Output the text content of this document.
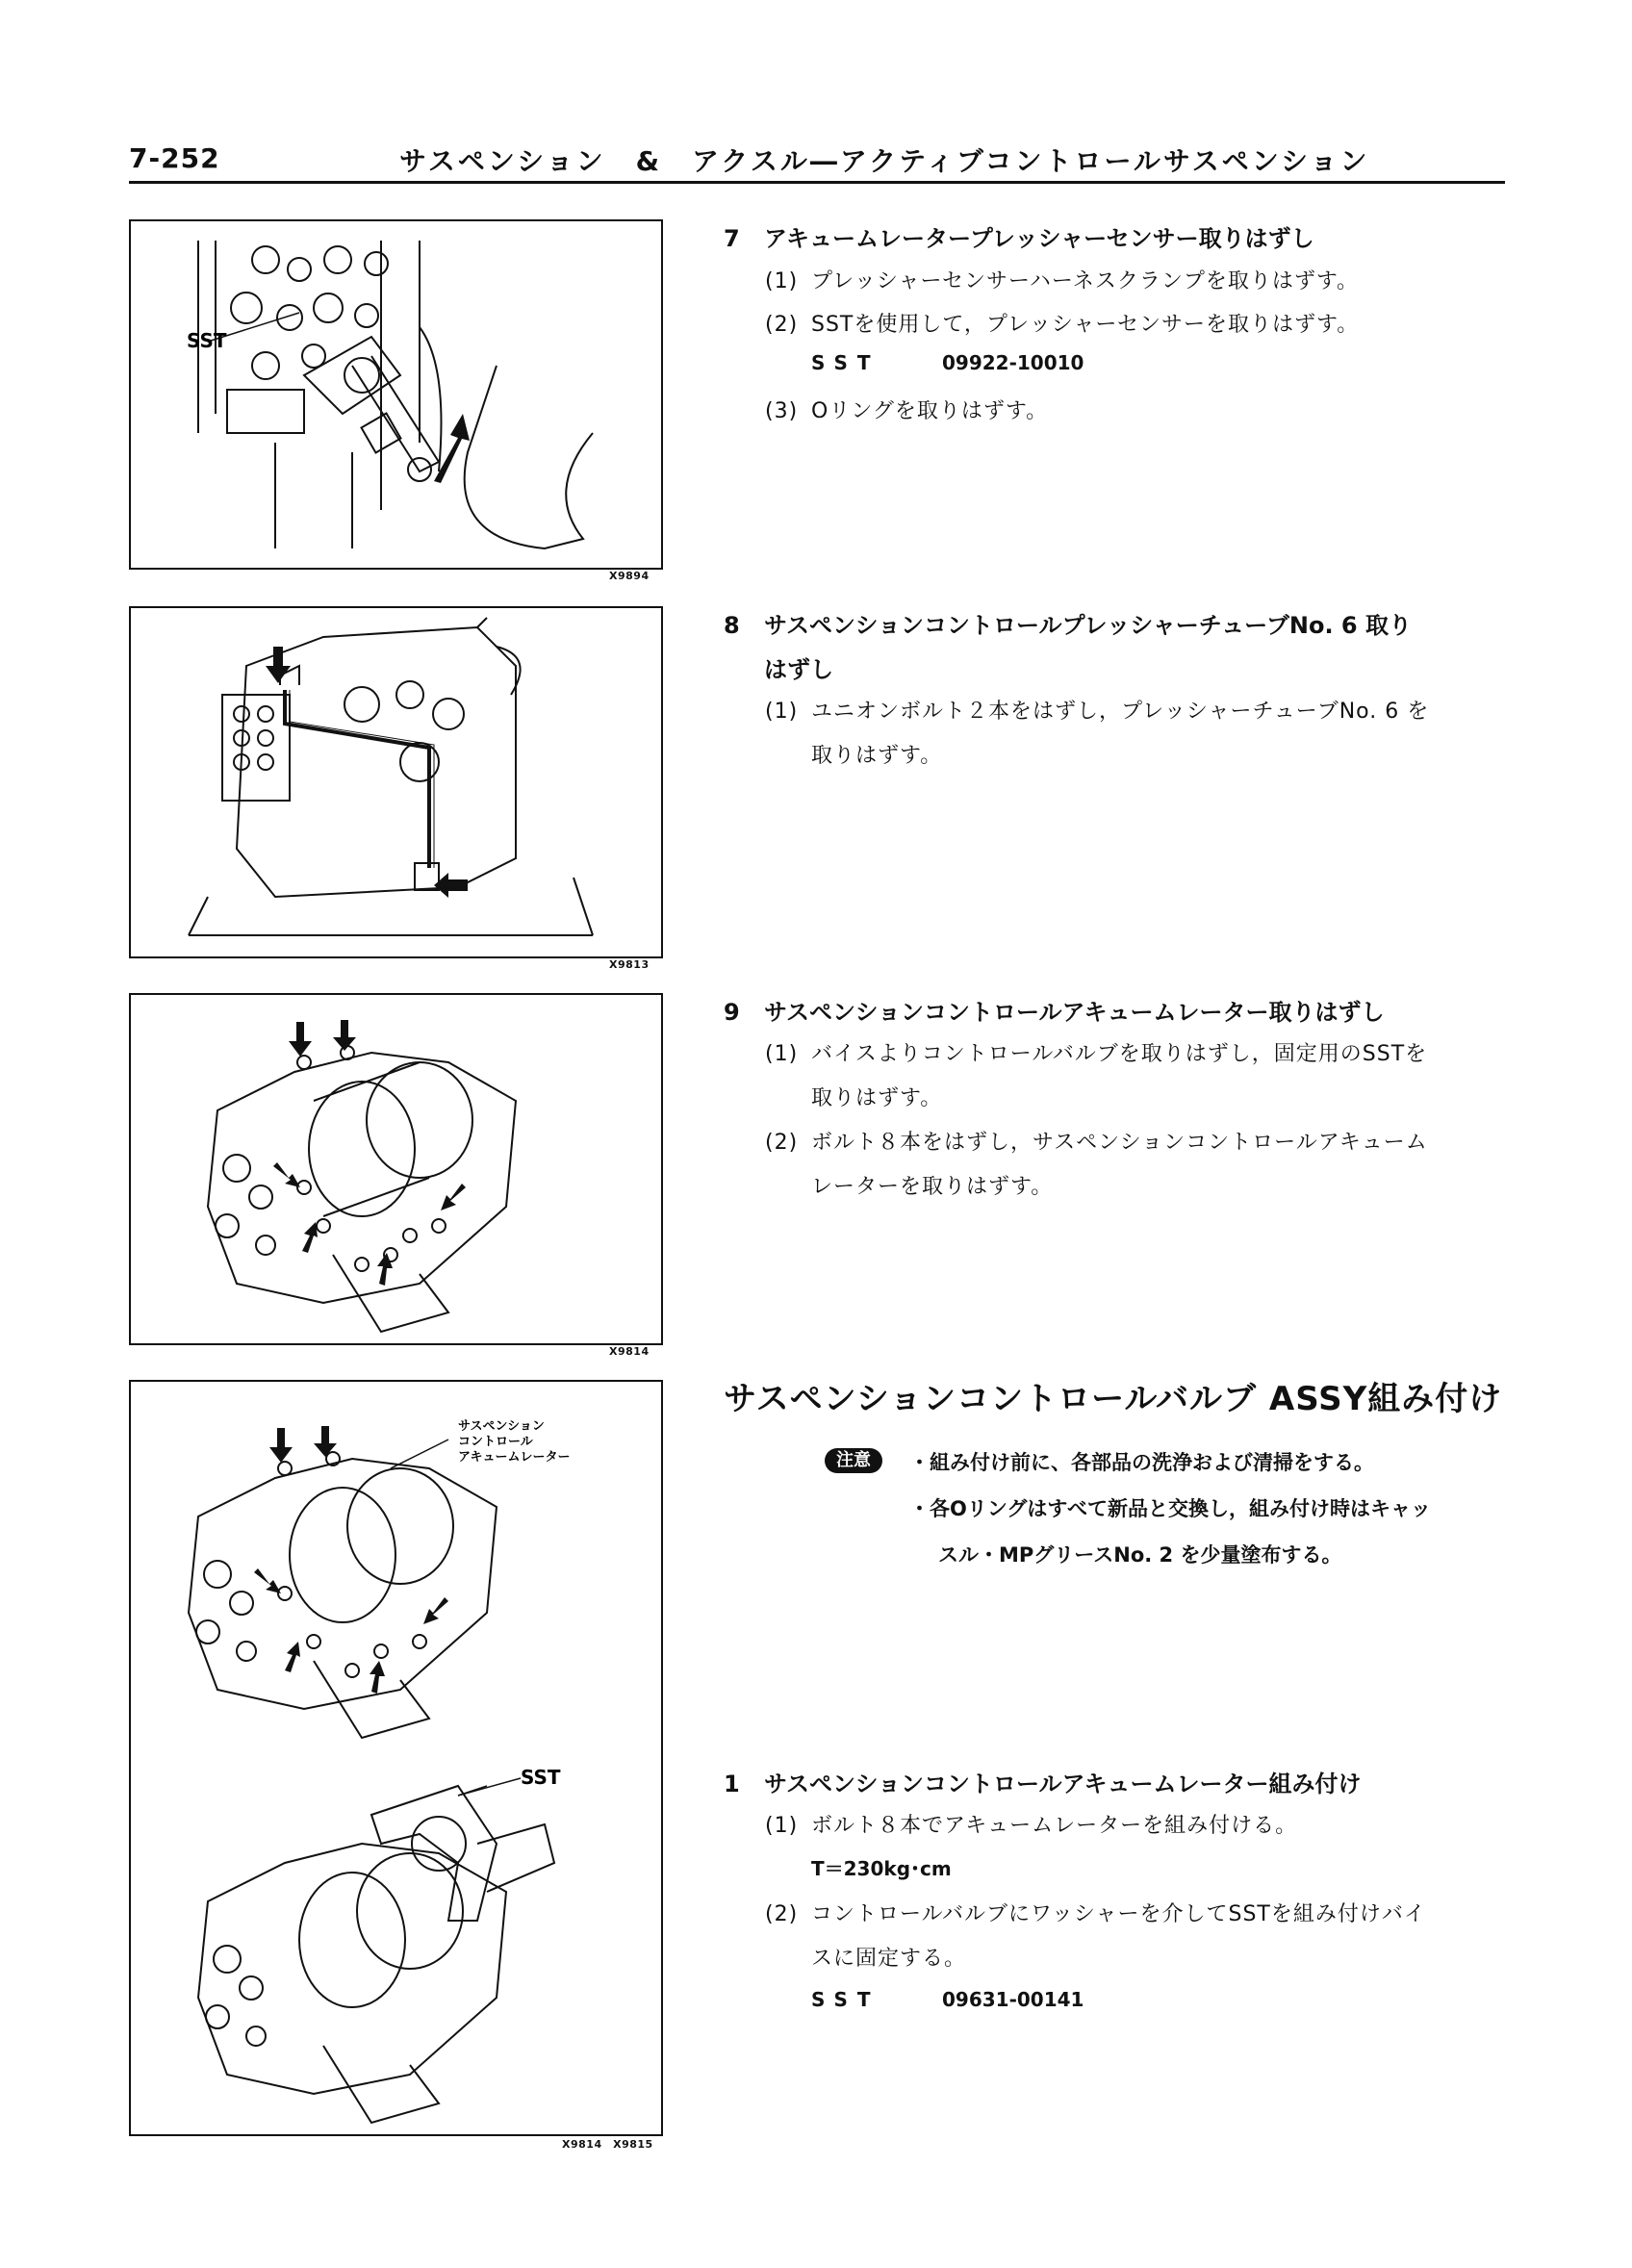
7-252	サスペンション　&　アクスル―アクティブコントロールサスペンション
SST
X9894
X9813
X9814
サスペンション
コントロール
アキュームレーター
SST
X9814　X9815
7 アキュームレータープレッシャーセンサー取りはずし
(1) プレッシャーセンサーハーネスクランプを取りはずす。
(2) SSTを使用して，プレッシャーセンサーを取りはずす。
SST	09922-10010
(3) Oリングを取りはずす。
8 サスペンションコントロールプレッシャーチューブNo. 6 取り
はずし
(1) ユニオンボルト２本をはずし，プレッシャーチューブNo. 6 を
取りはずす。
9 サスペンションコントロールアキュームレーター取りはずし
(1) バイスよりコントロールバルブを取りはずし，固定用のSSTを
取りはずす。
(2) ボルト８本をはずし，サスペンションコントロールアキューム
レーターを取りはずす。
サスペンションコントロールバルブ ASSY組み付け
注意	・組み付け前に、各部品の洗浄および清掃をする。
・各Oリングはすべて新品と交換し，組み付け時はキャッ
スル・MPグリースNo. 2 を少量塗布する。
1 サスペンションコントロールアキュームレーター組み付け
(1) ボルト８本でアキュームレーターを組み付ける。
T＝230kg･cm
(2) コントロールバルブにワッシャーを介してSSTを組み付けバイ
スに固定する。
SST	09631-00141
